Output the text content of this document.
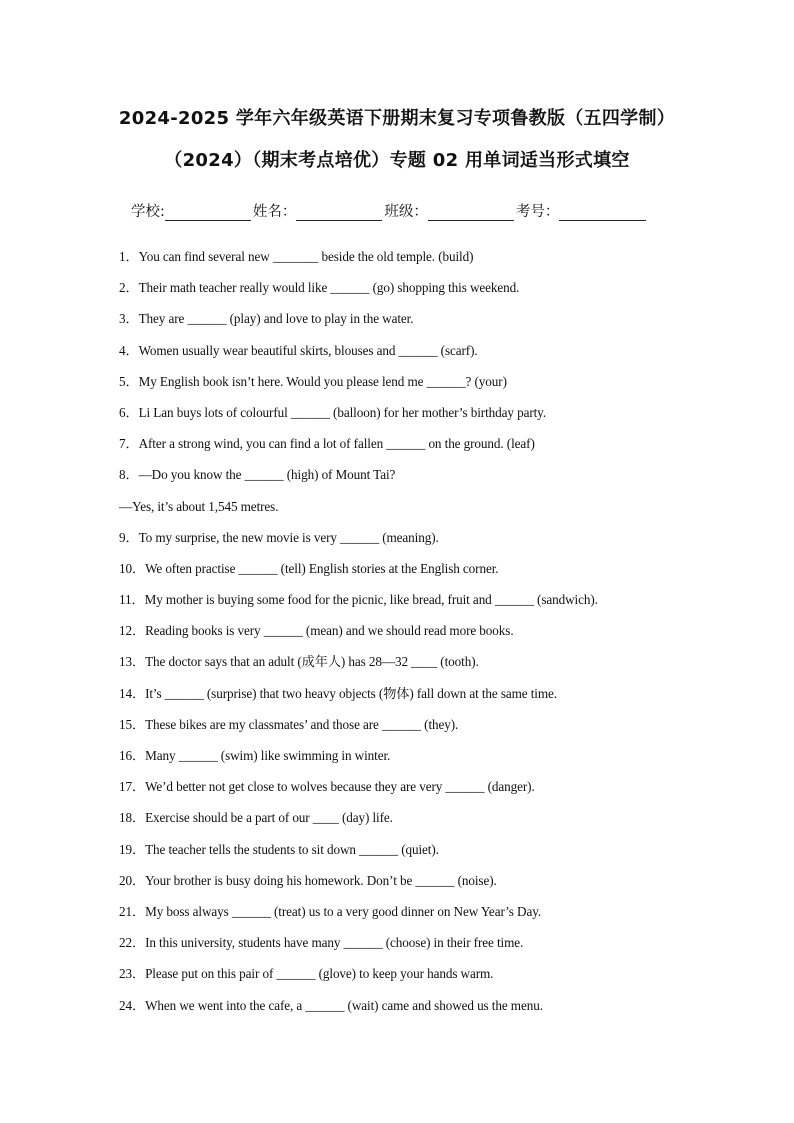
2024-2025 学年六年级英语下册期末复习专项鲁教版（五四学制）
（2024）（期末考点培优）专题 02 用单词适当形式填空
学校:	姓名：	班级：	考号：
1．You can find several new _______ beside the old temple. (build)
2．Their math teacher really would like ______ (go) shopping this weekend.
3．They are ______ (play) and love to play in the water.
4．Women usually wear beautiful skirts, blouses and ______ (scarf).
5．My English book isn’t here. Would you please lend me ______? (your)
6．Li Lan buys lots of colourful ______ (balloon) for her mother’s birthday party.
7．After a strong wind, you can find a lot of fallen ______ on the ground. (leaf)
8．—Do you know the ______ (high) of Mount Tai?
—Yes, it’s about 1,545 metres.
9．To my surprise, the new movie is very ______ (meaning).
10．We often practise ______ (tell) English stories at the English corner.
11．My mother is buying some food for the picnic, like bread, fruit and ______ (sandwich).
12．Reading books is very ______ (mean) and we should read more books.
13．The doctor says that an adult (成年人) has 28—32 ____ (tooth).
14．It’s ______ (surprise) that two heavy objects (物体) fall down at the same time.
15．These bikes are my classmates’ and those are ______ (they).
16．Many ______ (swim) like swimming in winter.
17．We’d better not get close to wolves because they are very ______ (danger).
18．Exercise should be a part of our ____ (day) life.
19．The teacher tells the students to sit down ______ (quiet).
20．Your brother is busy doing his homework. Don’t be ______ (noise).
21．My boss always ______ (treat) us to a very good dinner on New Year’s Day.
22．In this university, students have many ______ (choose) in their free time.
23．Please put on this pair of ______ (glove) to keep your hands warm.
24．When we went into the cafe, a ______ (wait) came and showed us the menu.
